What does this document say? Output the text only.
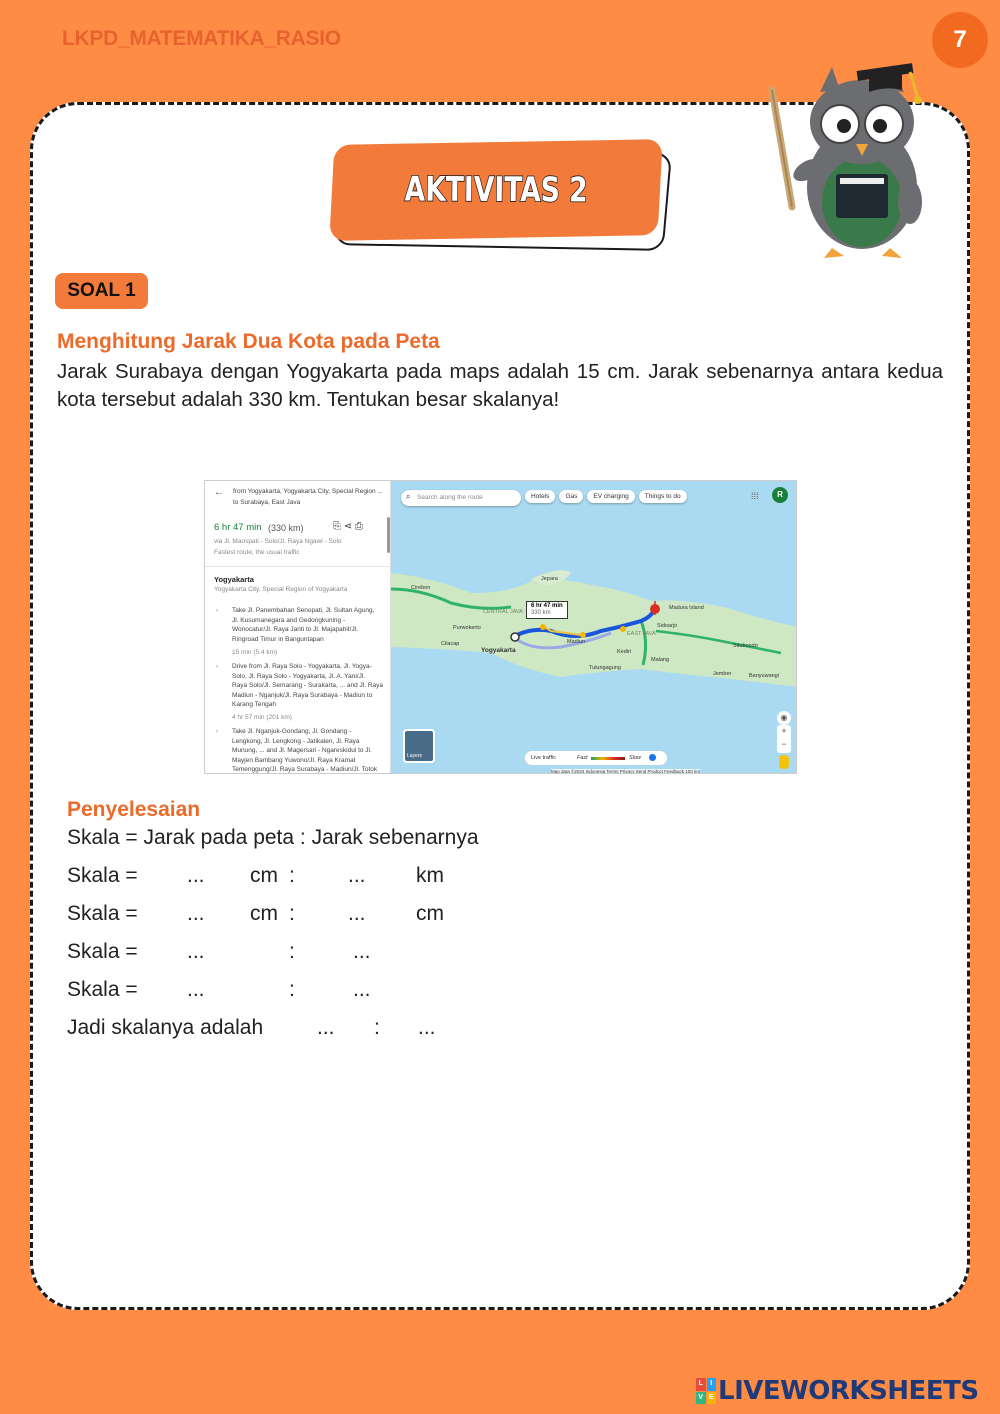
LKPD_MATEMATIKA_RASIO	7
AKTIVITAS 2
SOAL 1
Menghitung Jarak Dua Kota pada Peta
Jarak Surabaya dengan Yogyakarta pada maps adalah 15 cm. Jarak sebenarnya antara kedua kota tersebut adalah 330 km. Tentukan besar skalanya!
← from Yogyakarta, Yogyakarta City, Special Region ...
to Surabaya, East Java
6 hr 47 min (330 km)	⎘ ⋖ ⎙
via Jl. Maospati - Solo/Jl. Raya Ngawi - Solo
Fastest route, the usual traffic
Yogyakarta
Yogyakarta City, Special Region of Yogyakarta
› Take Jl. Panembahan Senopati, Jl. Sultan Agung,
Jl. Kusumanegara and Gedongkuning -
Wonocatur/Jl. Raya Janti to Jl. Majapahit/Jl.
Ringroad Timur in Banguntapan
15 min (5.4 km)
› Drive from Jl. Raya Solo - Yogyakarta, Jl. Yogya-
Solo, Jl. Raya Solo - Yogyakarta, Jl. A. Yani/Jl.
Raya Solo/Jl. Semarang - Surakarta, ... and Jl. Raya
Madiun - Nganjuk/Jl. Raya Surabaya - Madiun to
Karang Tengah
4 hr 57 min (201 km)
› Take Jl. Nganjuk-Gondang, Jl. Gondang -
Lengkong, Jl. Lengkong - Jatikalen, Jl. Raya
Munung, ... and Jl. Magersari - Ngareskidul to Jl.
Mayjen Bambang Yuwono/Jl. Raya Kramat
Temenggung/Jl. Raya Surabaya - Madiun/Jl. Totok
⌕ Search along the route	Hotels	Gas	EV charging	Things to do	⁞⁞⁞	R
6 hr 47 min
330 km
Jepara
Madura Island
Yogyakarta
Malang
Kediri
Tulungagung
Purwokerto
Cilacap
Jember	Banyuwangi
Sidoarjo
Situbondo
Cirebon
CENTRAL JAVA
Madiun
EAST JAVA
Layers	Live traffic	Fast	Slow
◉
+
−
Map data ©2024 Indonesia Terms Privacy Send Product Feedback 100 km
Penyelesaian
Skala = Jarak pada peta : Jarak sebenarnya
Skala = ... cm :	... km
Skala = ... cm :	... cm
Skala = ...	:	...
Skala = ...	:	...
Jadi skalanya adalah	... : ...
L	I
V E LIVEWORKSHEETS
